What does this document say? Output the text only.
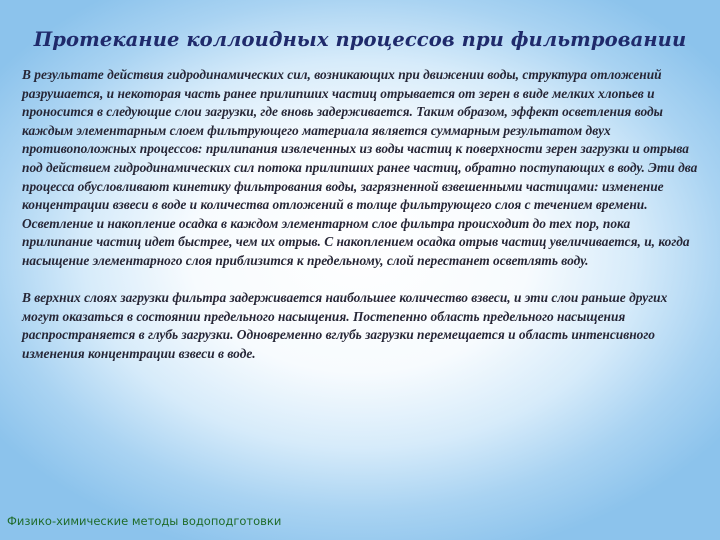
Протекание коллоидных процессов при фильтровании

В результате действия гидродинамических сил, возникающих при движении воды, структура отложений разрушается, и некоторая часть ранее прилипших частиц отрывается от зерен в виде мелких хлопьев и проносится в следующие слои загрузки, где вновь задерживается. Таким образом, эффект осветления воды каждым элементарным слоем фильтрующего материала является суммарным результатом двух противоположных процессов: прилипания извлеченных из воды частиц к поверхности зерен загрузки и отрыва под действием гидродинамических сил потока прилипших ранее частиц, обратно поступающих в воду. Эти два процесса обусловливают кинетику фильтрования воды, загрязненной взвешенными частицами: изменение концентрации взвеси в воде и количества отложений в толще фильтрующего слоя с течением времени. Осветление и накопление осадка в каждом элементарном слое фильтра происходит до тех пор, пока прилипание частиц идет быстрее, чем их отрыв. С накоплением осадка отрыв частиц увеличивается, и, когда насыщение элементарного слоя приблизится к предельному, слой перестанет осветлять воду.

В верхних слоях загрузки фильтра задерживается наибольшее количество взвеси, и эти слои раньше других могут оказаться в состоянии предельного насыщения. Постепенно область предельного насыщения распространяется в глубь загрузки. Одновременно вглубь загрузки перемещается и область интенсивного изменения концентрации взвеси в воде.

Физико-химические методы водоподготовки
